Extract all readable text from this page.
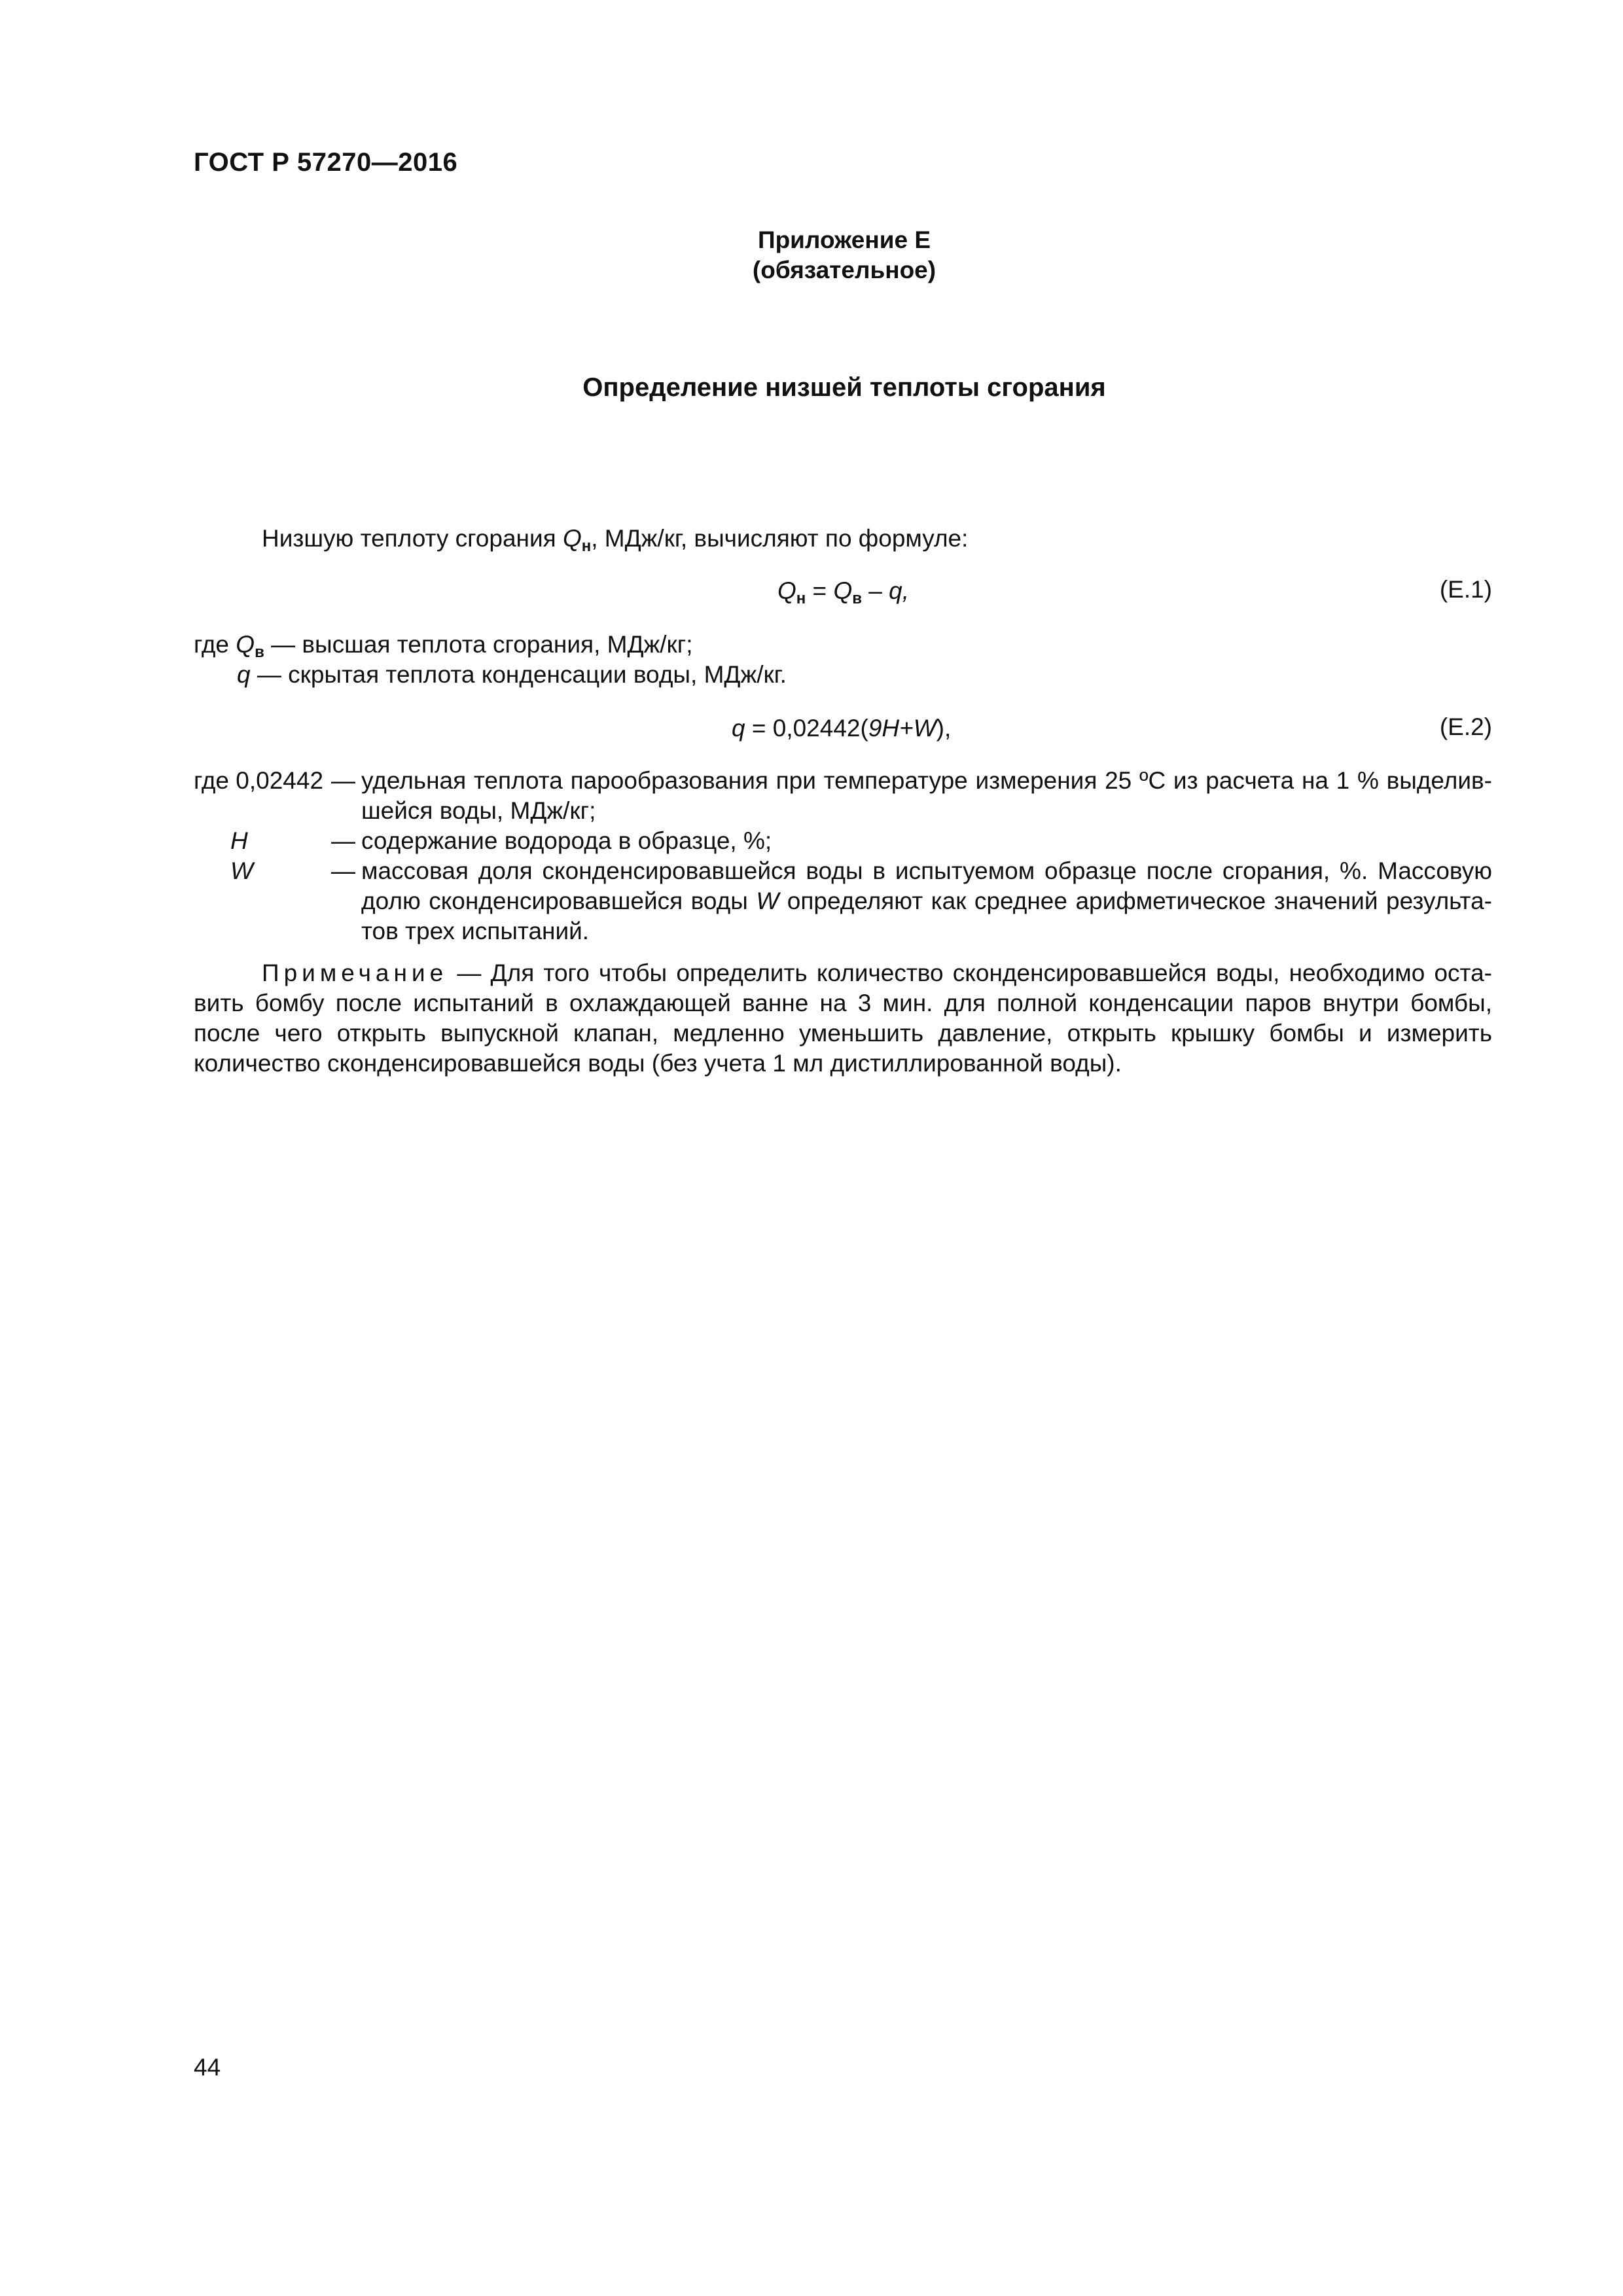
ГОСТ Р 57270—2016
Приложение Е
(обязательное)
Определение низшей теплоты сгорания
Низшую теплоту сгорания $Q_н$, МДж/кг, вычисляют по формуле:
$Q_н = Q_в - q$,	(Е.1)
где $Q_в$ — высшая теплота сгорания, МДж/кг;
q — скрытая теплота конденсации воды, МДж/кг.
q = 0,02442(9H+W),	(Е.2)
где 0,02442 — удельная теплота парообразования при температуре измерения 25 ºС из расчета на 1 % выделив-шейся воды, МДж/кг;
H	— содержание водорода в образце, %;
W	— массовая доля сконденсировавшейся воды в испытуемом образце после сгорания, %. Массовую долю сконденсировавшейся воды W определяют как среднее арифметическое значений результа-тов трех испытаний.
Примечание — Для того чтобы определить количество сконденсировавшейся воды, необходимо оста-вить бомбу после испытаний в охлаждающей ванне на 3 мин. для полной конденсации паров внутри бомбы, после чего открыть выпускной клапан, медленно уменьшить давление, открыть крышку бомбы и измерить количество сконденсировавшейся воды (без учета 1 мл дистиллированной воды).
44
